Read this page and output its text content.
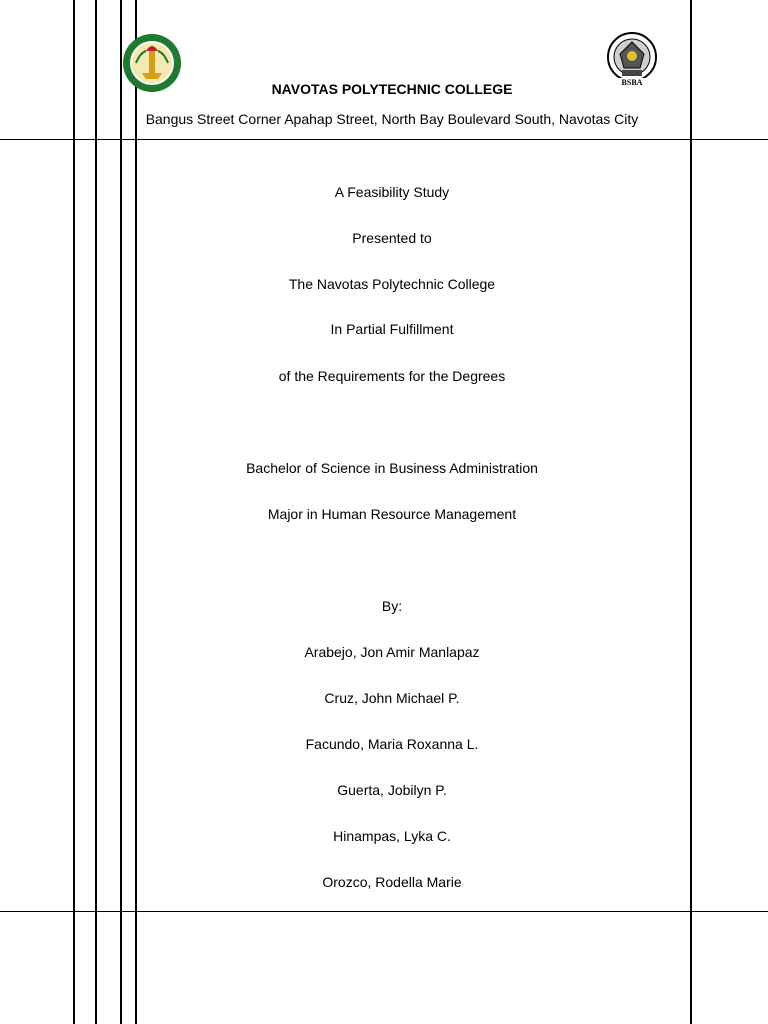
BSBA
NAVOTAS POLYTECHNIC COLLEGE
Bangus Street Corner Apahap Street, North Bay Boulevard South, Navotas City
A Feasibility Study
Presented to
The Navotas Polytechnic College
In Partial Fulfillment
of the Requirements for the Degrees
Bachelor of Science in Business Administration
Major in Human Resource Management
By:
Arabejo, Jon Amir Manlapaz
Cruz, John Michael P.
Facundo, Maria Roxanna L.
Guerta, Jobilyn P.
Hinampas, Lyka C.
Orozco, Rodella Marie
